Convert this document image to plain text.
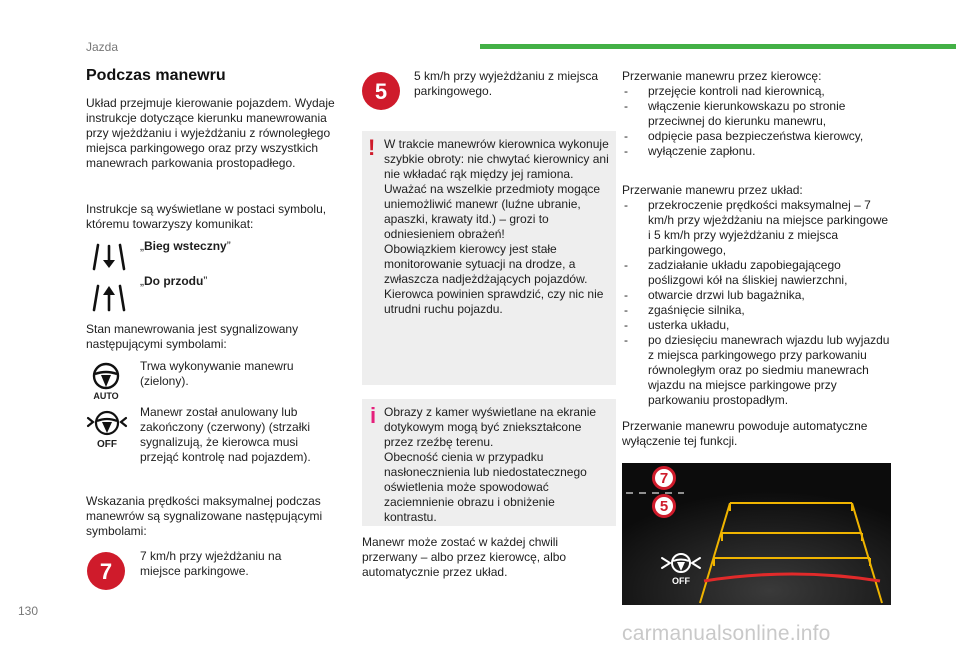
Jazda
Podczas manewru

Układ przejmuje kierowanie pojazdem. Wydaje instrukcje dotyczące kierunku manewrowania przy wjeżdżaniu i wyjeżdżaniu z równoległego miejsca parkingowego oraz przy wszystkich manewrach parkowania prostopadłego.

Instrukcje są wyświetlane w postaci symbolu, któremu towarzyszy komunikat:

„Bieg wsteczny”
„Do przodu”

Stan manewrowania jest sygnalizowany następującymi symbolami:

AUTO

Trwa wykonywanie manewru (zielony).

OFF

Manewr został anulowany lub zakończony (czerwony) (strzałki sygnalizują, że kierowca musi przejąć kontrolę nad pojazdem).

Wskazania prędkości maksymalnej podczas manewrów są sygnalizowane następującymi symbolami:

7

7 km/h przy wjeżdżaniu na miejsce parkingowe.

5

5 km/h przy wyjeżdżaniu z miejsca parkingowego.

! W trakcie manewrów kierownica wykonuje szybkie obroty: nie chwytać kierownicy ani nie wkładać rąk między jej ramiona. Uważać na wszelkie przedmioty mogące uniemożliwić manewr (luźne ubranie, apaszki, krawaty itd.) – grozi to odniesieniem obrażeń!
Obowiązkiem kierowcy jest stałe monitorowanie sytuacji na drodze, a zwłaszcza nadjeżdżających pojazdów. Kierowca powinien sprawdzić, czy nic nie utrudni ruchu pojazdu.

i Obrazy z kamer wyświetlane na ekranie dotykowym mogą być zniekształcone przez rzeźbę terenu.
Obecność cienia w przypadku nasłonecznienia lub niedostatecznego oświetlenia może spowodować zaciemnienie obrazu i obniżenie kontrastu.

Manewr może zostać w każdej chwili przerwany – albo przez kierowcę, albo automatycznie przez układ.

Przerwanie manewru przez kierowcę:
- przejęcie kontroli nad kierownicą,
- włączenie kierunkowskazu po stronie przeciwnej do kierunku manewru,
- odpięcie pasa bezpieczeństwa kierowcy,
- wyłączenie zapłonu.
Przerwanie manewru przez układ:
- przekroczenie prędkości maksymalnej – 7 km/h przy wjeżdżaniu na miejsce parkingowe i 5 km/h przy wyjeżdżaniu z miejsca parkingowego,
- zadziałanie układu zapobiegającego poślizgowi kół na śliskiej nawierzchni,
- otwarcie drzwi lub bagażnika,
- zgaśnięcie silnika,
- usterka układu,
- po dziesięciu manewrach wjazdu lub wyjazdu z miejsca parkingowego przy parkowaniu równoległym oraz po siedmiu manewrach wjazdu na miejsce parkingowe przy parkowaniu prostopadłym.

Przerwanie manewru powoduje automatyczne wyłączenie tej funkcji.

7
5
OFF
130
carmanualsonline.info
